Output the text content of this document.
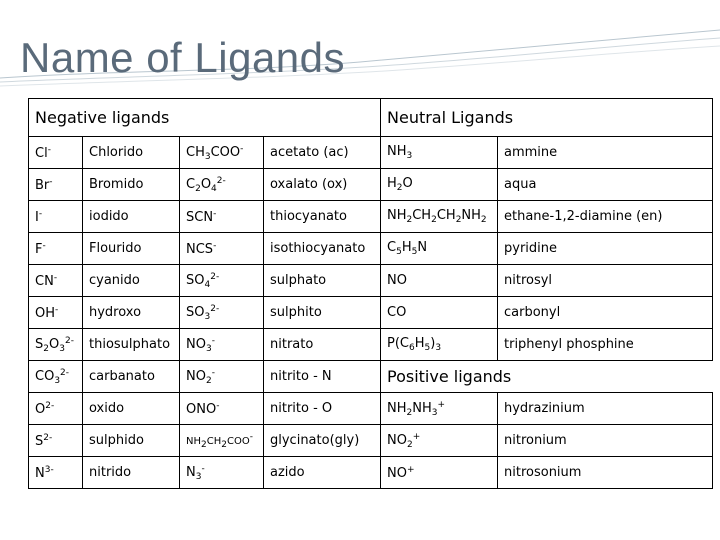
Name of Ligands
Negative ligands				Neutral Ligands	
Cl-	Chlorido	$CH_3COO^-$	acetato (ac)	$NH_3$	ammine
Br-	Bromido	$C_2O_4^{2-}$	oxalato (ox)	$H_2O$	aqua
I-	iodido	SCN-	thiocyanato	$NH_2CH_2CH_2NH_2$	ethane-1,2-diamine (en)
F-	Flourido	NCS-	isothiocyanato	$C_5H_5N$	pyridine
CN-	cyanido	$SO_4^{2-}$	sulphato	NO	nitrosyl
OH-	hydroxo	$SO_3^{2-}$	sulphito	CO	carbonyl
$S_2O_3^{2-}$	thiosulphato	$NO_3^-$	nitrato	$P(C_6H_5)_3$	triphenyl phosphine
$CO_3^{2-}$	carbanato	$NO_2^-$	nitrito - N	Positive ligands	
$O^{2-}$	oxido	ONO-	nitrito - O	$NH_2NH_3^+$	hydrazinium
$S^{2-}$	sulphido	$NH_2CH_2COO^-$	glycinato(gly)	$NO_2^+$	nitronium
$N^{3-}$	nitrido	$N_3^-$	azido	NO+	nitrosonium
